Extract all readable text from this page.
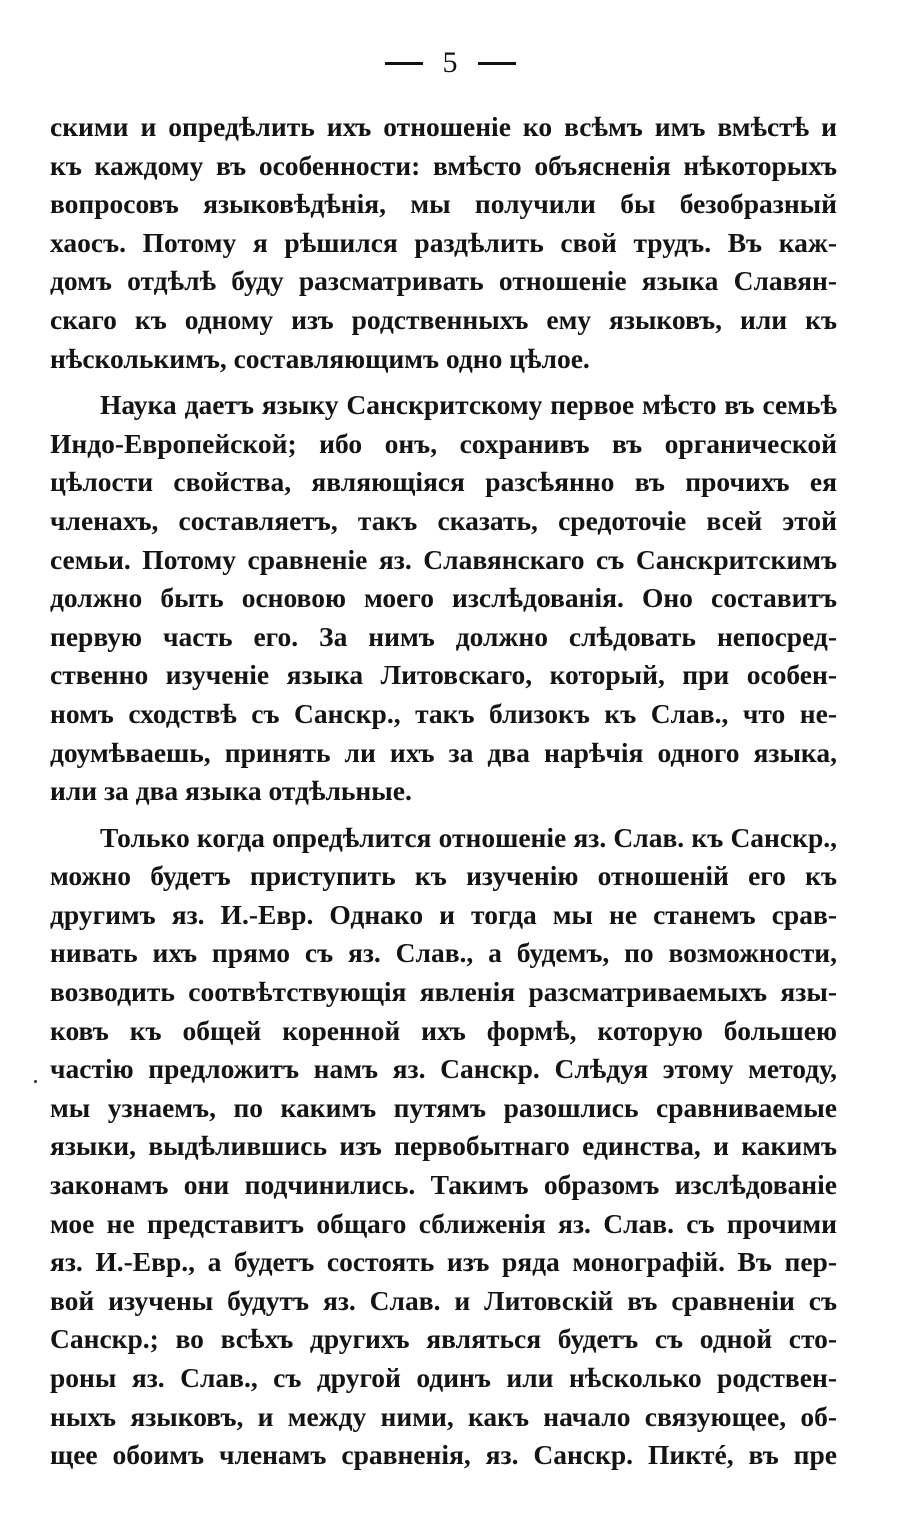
5
скими и опредѣлить ихъ отношеніе ко всѣмъ имъ вмѣстѣ и
къ каждому въ особенности: вмѣсто объясненія нѣкоторыхъ
вопросовъ языковѣдѣнія, мы получили бы безобразный
хаосъ. Потому я рѣшился раздѣлить свой трудъ. Въ каж-
домъ отдѣлѣ буду разсматривать отношеніе языка Славян-
скаго къ одному изъ родственныхъ ему языковъ, или къ
нѣсколькимъ, составляющимъ одно цѣлое.
Наука даетъ языку Санскритскому первое мѣсто въ семьѣ
Индо-Европейской; ибо онъ, сохранивъ въ органической
цѣлости свойства, являющіяся разсѣянно въ прочихъ ея
членахъ, составляетъ, такъ сказать, средоточіе всей этой
семьи. Потому сравненіе яз. Славянскаго съ Санскритскимъ
должно быть основою моего изслѣдованія. Оно составитъ
первую часть его. За нимъ должно слѣдовать непосред-
ственно изученіе языка Литовскаго, который, при особен-
номъ сходствѣ съ Санскр., такъ близокъ къ Слав., что не-
доумѣваешь, принять ли ихъ за два нарѣчія одного языка,
или за два языка отдѣльные.
Только когда опредѣлится отношеніе яз. Слав. къ Санскр.,
можно будетъ приступить къ изученію отношеній его къ
другимъ яз. И.-Евр. Однако и тогда мы не станемъ срав-
нивать ихъ прямо съ яз. Слав., а будемъ, по возможности,
возводить соотвѣтствующія явленія разсматриваемыхъ язы-
ковъ къ общей коренной ихъ формѣ, которую большею
частію предложитъ намъ яз. Санскр. Слѣдуя этому методу,
мы узнаемъ, по какимъ путямъ разошлись сравниваемые
языки, выдѣлившись изъ первобытнаго единства, и какимъ
законамъ они подчинились. Такимъ образомъ изслѣдованіе
мое не представитъ общаго сближенія яз. Слав. съ прочими
яз. И.-Евр., а будетъ состоять изъ ряда монографій. Въ пер-
вой изучены будутъ яз. Слав. и Литовскій въ сравненіи съ
Санскр.; во всѣхъ другихъ являться будетъ съ одной сто-
роны яз. Слав., съ другой одинъ или нѣсколько родствен-
ныхъ языковъ, и между ними, какъ начало связующее, об-
щее обоимъ членамъ сравненія, яз. Санскр. Пиктé, въ пре
